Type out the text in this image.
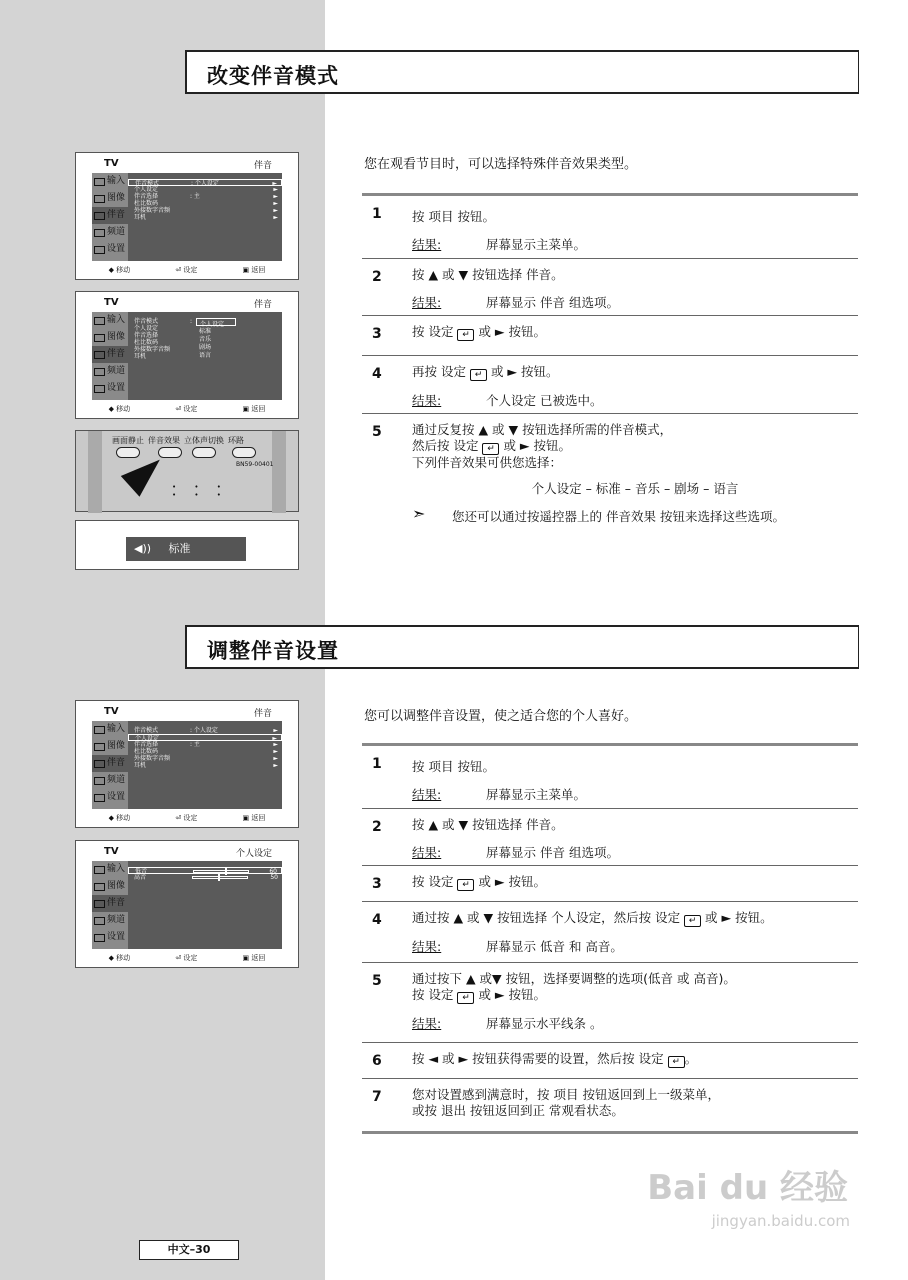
改变伴音模式
您在观看节目时，可以选择特殊伴音效果类型。
TV	伴音
输入
图像
伴音
频道
设置
伴音模式	: 个人设定	►
个人设定	►
伴音选择	: 主	►
杜比数码	►
外接数字音频	►
耳机	►
◆ 移动	⏎ 设定	▣ 返回
TV	伴音
输入
图像
伴音
频道
设置
伴音模式	:
个人设定
伴音选择
杜比数码
外接数字音频
耳机
个人设定
标准
音乐
剧场
语言
◆ 移动	⏎ 设定	▣ 返回
画面静止 伴音效果 立体声切换 环路
BN59-00401
• • •
• • •
◀)) 标准
1 按 项目 按钮。
结果:	屏幕显示主菜单。
2 按 ▲ 或 ▼ 按钮选择 伴音。
结果:	屏幕显示 伴音 组选项。
3 按 设定 ↵ 或 ► 按钮。
4 再按 设定 ↵ 或 ► 按钮。
结果:	个人设定 已被选中。
5 通过反复按 ▲ 或 ▼ 按钮选择所需的伴音模式，
然后按 设定 ↵ 或 ► 按钮。
下列伴音效果可供您选择：
个人设定 – 标准 – 音乐 – 剧场 – 语言
➣	您还可以通过按遥控器上的 伴音效果 按钮来选择这些选项。
调整伴音设置
您可以调整伴音设置，使之适合您的个人喜好。
TV	伴音
输入
图像
伴音
频道
设置
伴音模式	: 个人设定	►
个人设定	►
伴音选择	: 主	►
杜比数码	►
外接数字音频	►
耳机	►
◆ 移动	⏎ 设定	▣ 返回
TV	个人设定
输入
图像
伴音
频道
设置
低音	60
高音	50
◆ 移动	⏎ 设定	▣ 返回
1 按 项目 按钮。
结果:	屏幕显示主菜单。
2 按 ▲ 或 ▼ 按钮选择 伴音。
结果:	屏幕显示 伴音 组选项。
3 按 设定 ↵ 或 ► 按钮。
4 通过按 ▲ 或 ▼ 按钮选择 个人设定，然后按 设定 ↵ 或 ► 按钮。
结果:	屏幕显示 低音 和 高音。
5 通过按下 ▲ 或▼ 按钮，选择要调整的选项(低音 或 高音)。
按 设定 ↵ 或 ► 按钮。
结果:	屏幕显示水平线条 。
6 按 ◄ 或 ► 按钮获得需要的设置，然后按 设定 ↵ 。
7 您对设置感到满意时，按 项目 按钮返回到上一级菜单，
或按 退出 按钮返回到正 常观看状态。
Bai du 经验
jingyan.baidu.com
中文–30
